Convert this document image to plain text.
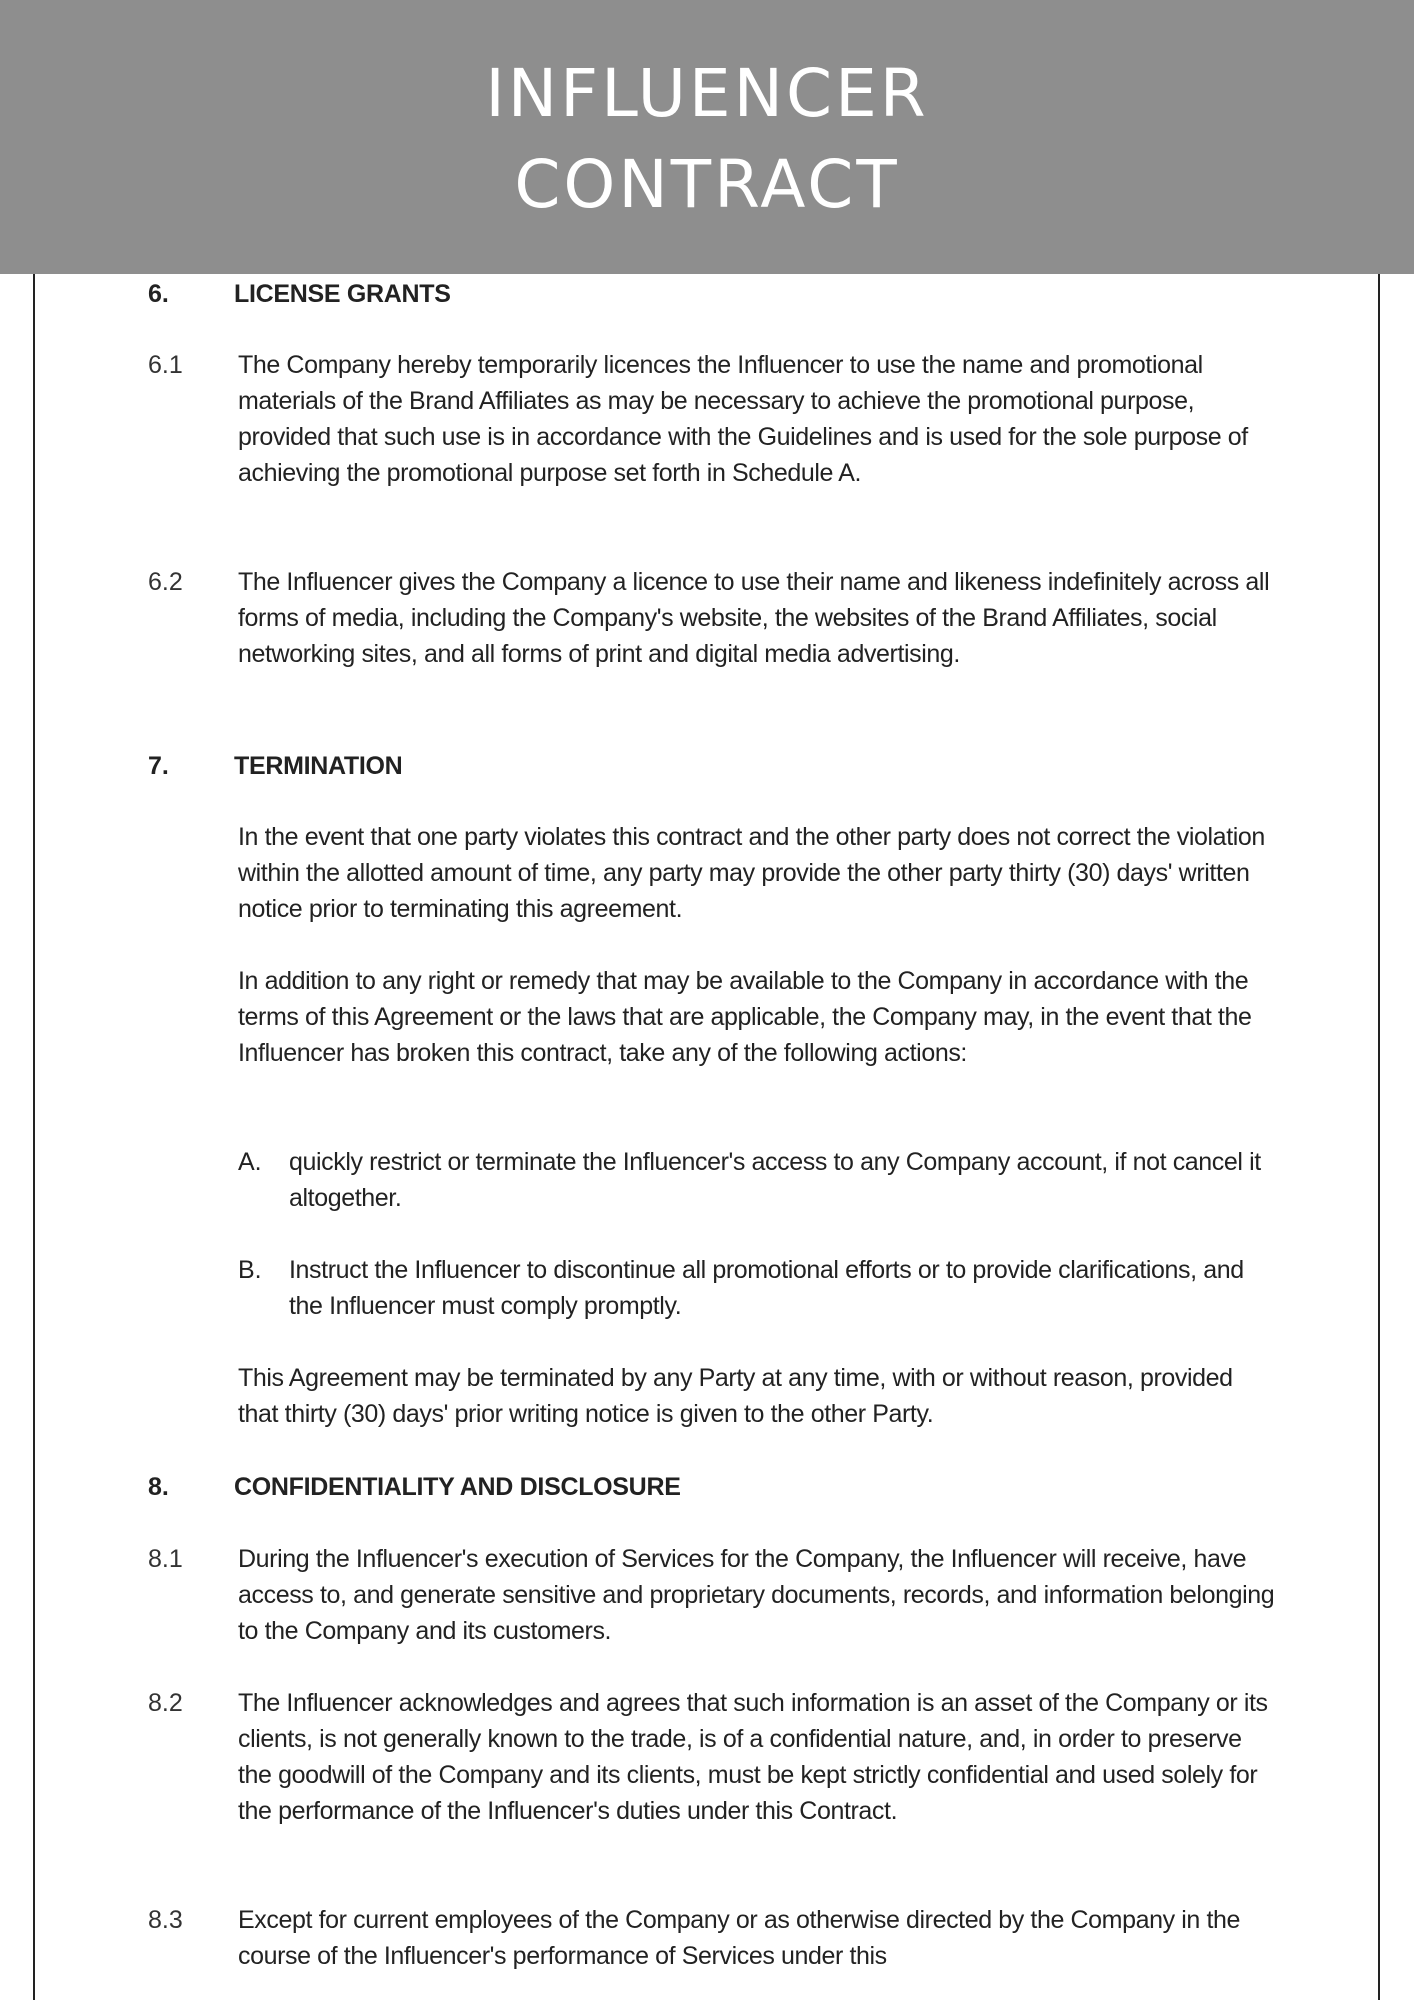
INFLUENCER
CONTRACT
6.	LICENSE GRANTS
6.1 The Company hereby temporarily licences the Influencer to use the name and promotional materials of the Brand Affiliates as may be necessary to achieve the promotional purpose, provided that such use is in accordance with the Guidelines and is used for the sole purpose of achieving the promotional purpose set forth in Schedule A.
6.2 The Influencer gives the Company a licence to use their name and likeness indefinitely across all forms of media, including the Company's website, the websites of the Brand Affiliates, social networking sites, and all forms of print and digital media advertising.
7.	TERMINATION
In the event that one party violates this contract and the other party does not correct the violation within the allotted amount of time, any party may provide the other party thirty (30) days' written notice prior to terminating this agreement.
In addition to any right or remedy that may be available to the Company in accordance with the terms of this Agreement or the laws that are applicable, the Company may, in the event that the Influencer has broken this contract, take any of the following actions:
A. quickly restrict or terminate the Influencer's access to any Company account, if not cancel it altogether.
B. Instruct the Influencer to discontinue all promotional efforts or to provide clarifications, and the Influencer must comply promptly.
This Agreement may be terminated by any Party at any time, with or without reason, provided that thirty (30) days' prior writing notice is given to the other Party.
8.	CONFIDENTIALITY AND DISCLOSURE
8.1 During the Influencer's execution of Services for the Company, the Influencer will receive, have access to, and generate sensitive and proprietary documents, records, and information belonging to the Company and its customers.
8.2 The Influencer acknowledges and agrees that such information is an asset of the Company or its clients, is not generally known to the trade, is of a confidential nature, and, in order to preserve the goodwill of the Company and its clients, must be kept strictly confidential and used solely for the performance of the Influencer's duties under this Contract.
8.3 Except for current employees of the Company or as otherwise directed by the Company in the course of the Influencer's performance of Services under this
